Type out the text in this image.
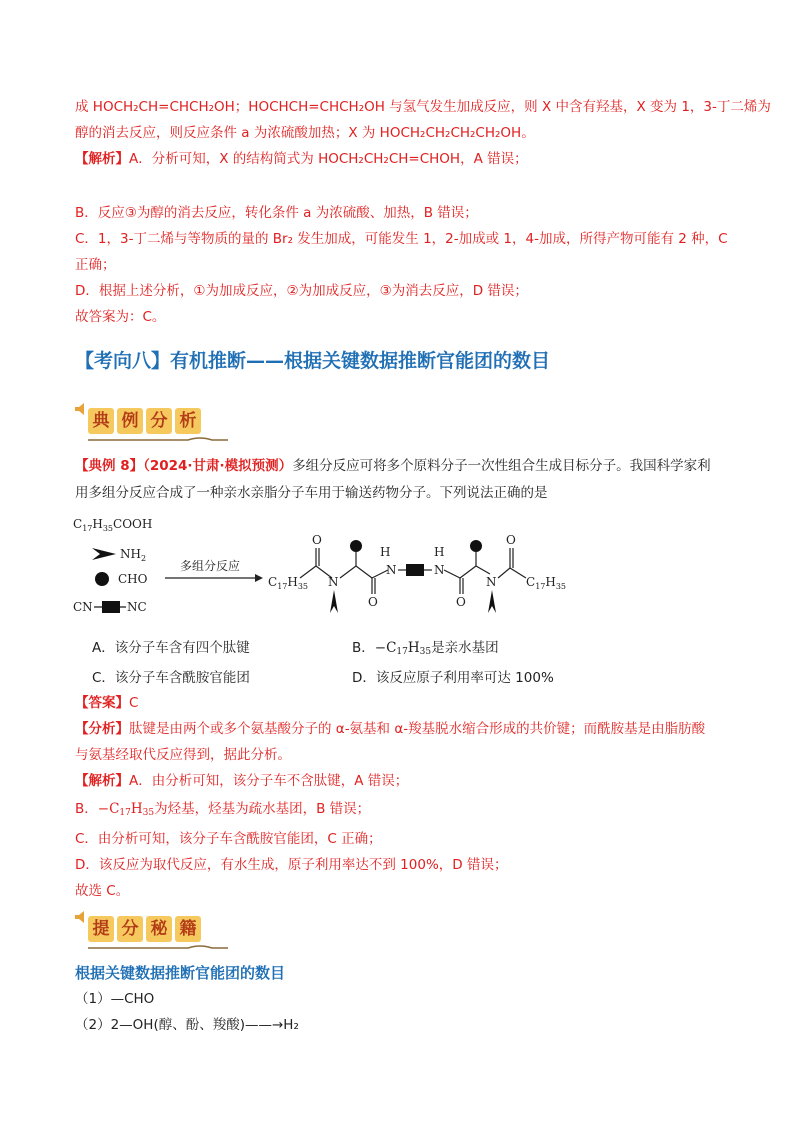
成 HOCH₂CH=CHCH₂OH；HOCHCH=CHCH₂OH 与氢气发生加成反应，则 X 中含有羟基，X 变为 1，3-丁二烯为
醇的消去反应，则反应条件 a 为浓硫酸加热；X 为 HOCH₂CH₂CH₂CH₂OH。
【解析】A．分析可知，X 的结构简式为 HOCH₂CH₂CH=CHOH，A 错误；
B．反应③为醇的消去反应，转化条件 a 为浓硫酸、加热，B 错误；
C．1，3-丁二烯与等物质的量的 Br₂ 发生加成，可能发生 1，2-加成或 1，4-加成，所得产物可能有 2 种，C
正确；
D．根据上述分析，①为加成反应，②为加成反应，③为消去反应，D 错误；
故答案为：C。
【考向八】有机推断——根据关键数据推断官能团的数目
典 例 分 析
【典例 8】（2024·甘肃·模拟预测）多组分反应可将多个原料分子一次性组合生成目标分子。我国科学家利
用多组分反应合成了一种亲水亲脂分子车用于输送药物分子。下列说法正确的是
$C_{17}H_{35}COOH$
$NH_2$
CHO
CN	NC
多组分反应
$C_{17}H_{35}$
O
N
O
H
N
H
N
O
N
O
$C_{17}H_{35}$
A．该分子车含有四个肽键	B．$-C_{17}H_{35}$是亲水基团
C．该分子车含酰胺官能团	D．该反应原子利用率可达 100%
【答案】C
【分析】肽键是由两个或多个氨基酸分子的 α-氨基和 α-羧基脱水缩合形成的共价键；而酰胺基是由脂肪酸
与氨基经取代反应得到，据此分析。
【解析】A．由分析可知，该分子车不含肽键，A 错误；
B．$-C_{17}H_{35}$为烃基，烃基为疏水基团，B 错误；
C．由分析可知，该分子车含酰胺官能团，C 正确；
D．该反应为取代反应，有水生成，原子利用率达不到 100%，D 错误；
故选 C。
提 分 秘 籍
根据关键数据推断官能团的数目
（1）—CHO
（2）2—OH(醇、酚、羧酸)——→H₂
